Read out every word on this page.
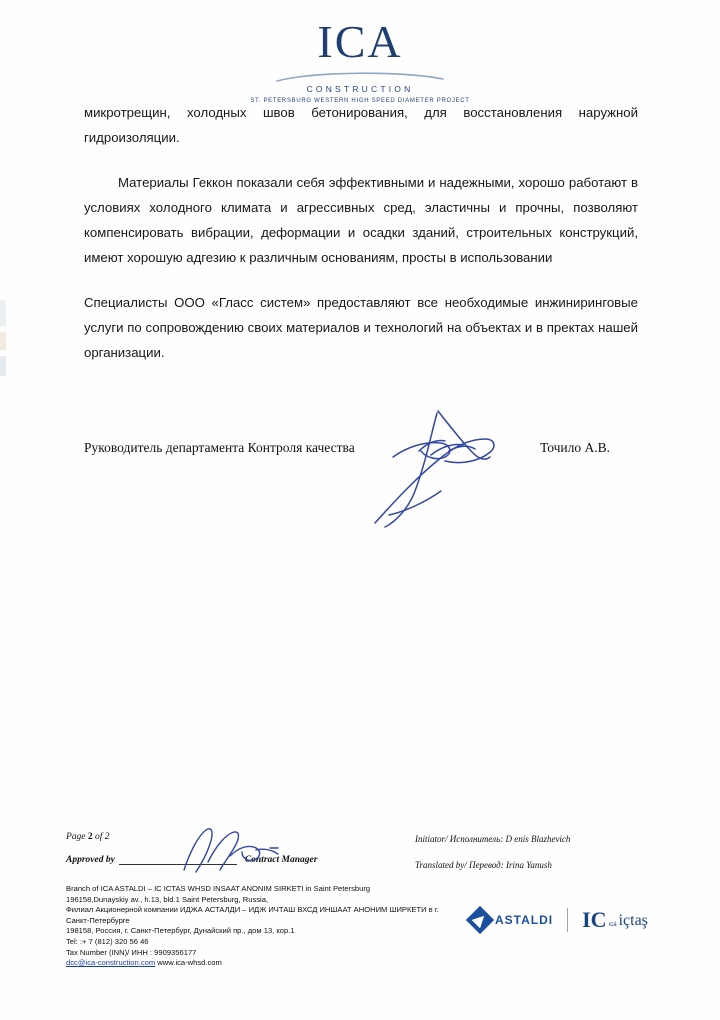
ICA
CONSTRUCTION
ST. PETERSBURG WESTERN HIGH SPEED DIAMETER PROJECT

микротрещин, холодных швов бетонирования, для восстановления наружной гидроизоляции.

Материалы Геккон показали себя эффективными и надежными, хорошо работают в условиях холодного климата и агрессивных сред, эластичны и прочны, позволяют компенсировать вибрации, деформации и осадки зданий, строительных конструкций, имеют хорошую адгезию к различным основаниям, просты в использовании

Специалисты ООО «Гласс систем» предоставляют все необходимые инжиниринговые услуги по сопровождению своих материалов и технологий на объектах и в пректах нашей организации.

Руководитель департамента Контроля качества	Точило А.В.
Page 2 of 2
Approved by	Contract Manager
Initiator/ Исполнитель: D enis Blazhevich
Translated by/ Перевод: Irina Yanush
Branch of ICA ASTALDI – IC ICTAS WHSD INSAAT ANONIM SIRKETI in Saint Petersburg
196158,Dunayskiy av., h.13, bld.1 Saint Petersburg, Russia,
Филиал Акционерной компании ИДЖА АСТАЛДИ – ИДЖ ИЧТАШ ВХСД ИНШААТ АНОНИМ ШИРКЕТИ в г. Санкт-Петербурге
198158, Россия, г. Санкт-Петербург, Дунайский пр., дом 13, кор.1
Tel: :+ 7 (812) 320 56 46
Tax Number (INN)/ ИНН : 9909356177
dcc@ica-construction.com www.ica-whsd.com
ASTALDI IC ıcá içtaş
